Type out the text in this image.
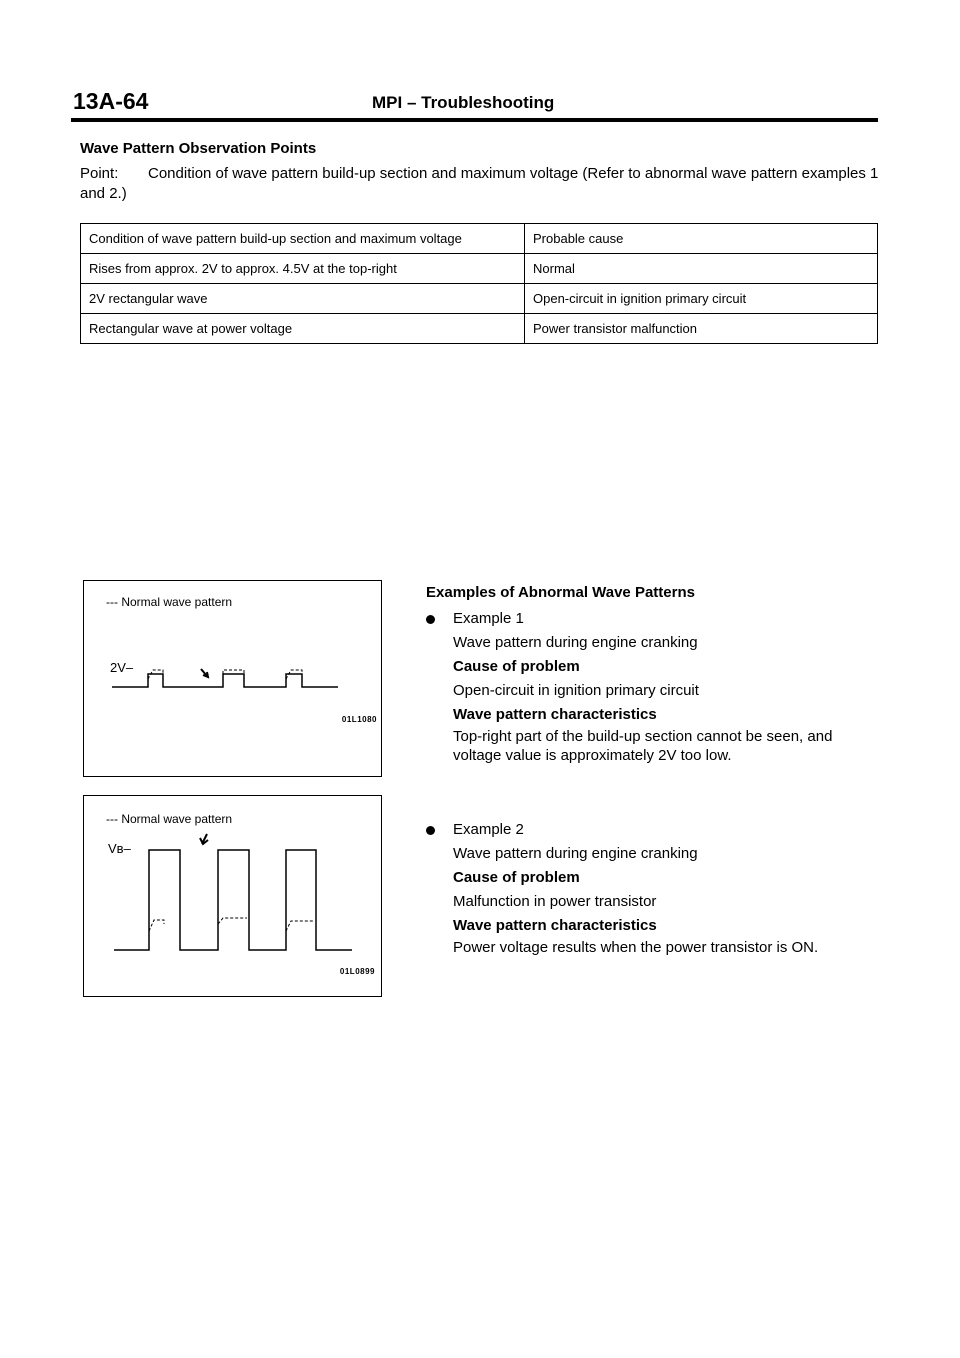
13A-64	MPI – Troubleshooting
Wave Pattern Observation Points
Point: Condition of wave pattern build-up section and maximum voltage (Refer to abnormal wave pattern examples 1 and 2.)
Condition of wave pattern build-up section and maximum voltage	Probable cause
Rises from approx. 2V to approx. 4.5V at the top-right	Normal
2V rectangular wave	Open-circuit in ignition primary circuit
Rectangular wave at power voltage	Power transistor malfunction
--- Normal wave pattern
2V–
01L1080
--- Normal wave pattern
Vʙ–
01L0899
Examples of Abnormal Wave Patterns
Example 1
Wave pattern during engine cranking
Cause of problem
Open-circuit in ignition primary circuit
Wave pattern characteristics
Top-right part of the build-up section cannot be seen, and voltage value is approximately 2V too low.
Example 2
Wave pattern during engine cranking
Cause of problem
Malfunction in power transistor
Wave pattern characteristics
Power voltage results when the power transistor is ON.
